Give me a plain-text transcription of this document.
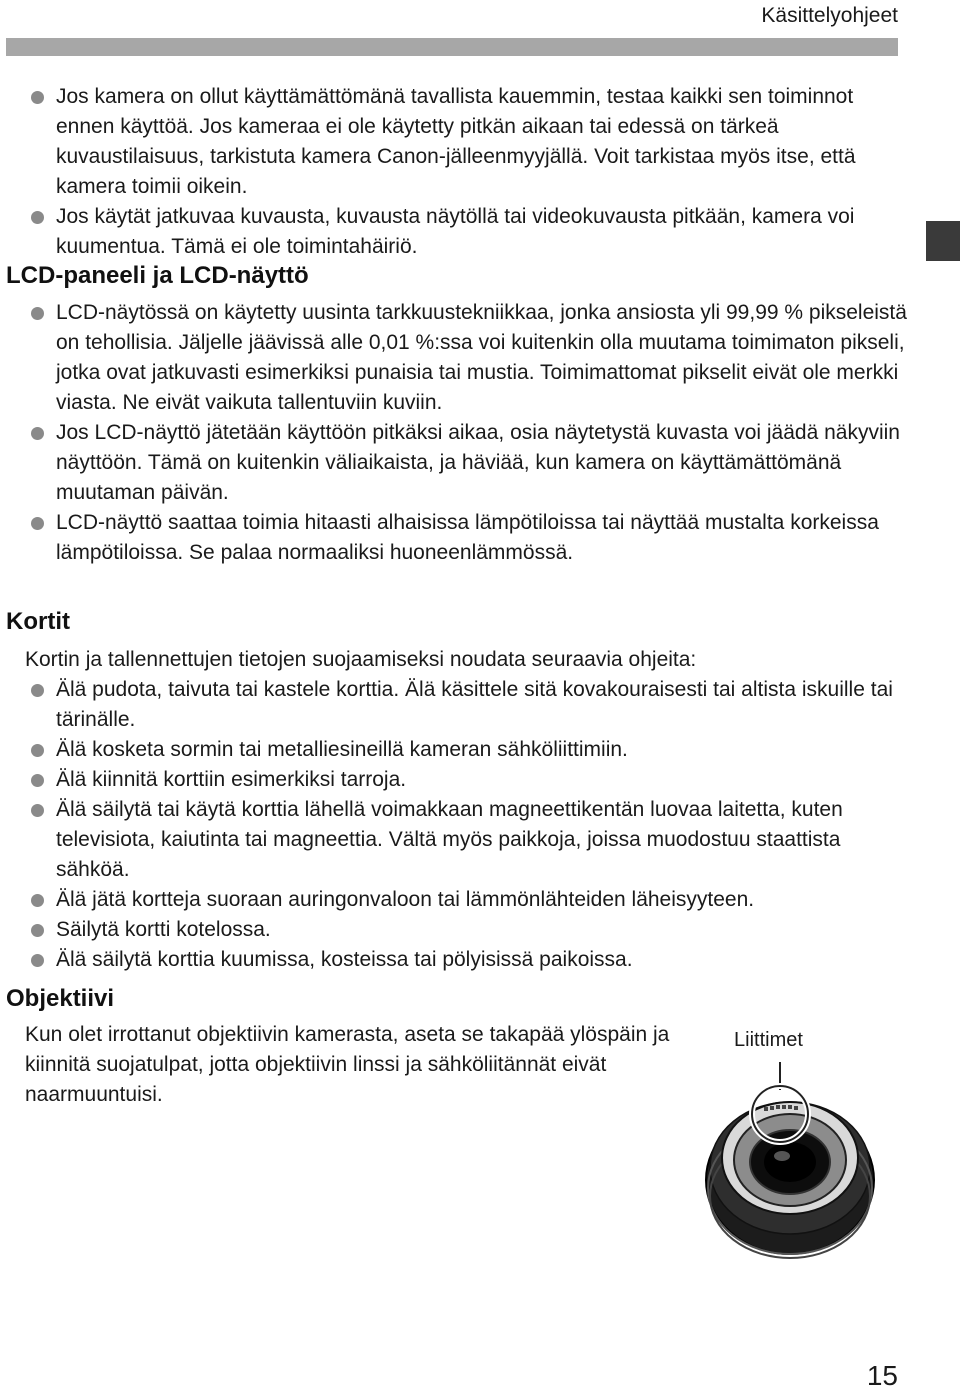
Käsittelyohjeet

Jos kamera on ollut käyttämättömänä tavallista kauemmin, testaa kaikki sen toiminnot ennen käyttöä. Jos kameraa ei ole käytetty pitkän aikaan tai edessä on tärkeä kuvaustilaisuus, tarkistuta kamera Canon-jälleenmyyjällä. Voit tarkistaa myös itse, että kamera toimii oikein.

Jos käytät jatkuvaa kuvausta, kuvausta näytöllä tai videokuvausta pitkään, kamera voi kuumentua. Tämä ei ole toimintahäiriö.

LCD-paneeli ja LCD-näyttö

LCD-näytössä on käytetty uusinta tarkkuustekniikkaa, jonka ansiosta yli 99,99 % pikseleistä on tehollisia. Jäljelle jäävissä alle 0,01 %:ssa voi kuitenkin olla muutama toimimaton pikseli, jotka ovat jatkuvasti esimerkiksi punaisia tai mustia. Toimimattomat pikselit eivät ole merkki viasta. Ne eivät vaikuta tallentuviin kuviin.

Jos LCD-näyttö jätetään käyttöön pitkäksi aikaa, osia näytetystä kuvasta voi jäädä näkyviin näyttöön. Tämä on kuitenkin väliaikaista, ja häviää, kun kamera on käyttämättömänä muutaman päivän.

LCD-näyttö saattaa toimia hitaasti alhaisissa lämpötiloissa tai näyttää mustalta korkeissa lämpötiloissa. Se palaa normaaliksi huoneenlämmössä.

Kortit

Kortin ja tallennettujen tietojen suojaamiseksi noudata seuraavia ohjeita:

Älä pudota, taivuta tai kastele korttia. Älä käsittele sitä kovakouraisesti tai altista iskuille tai tärinälle.

Älä kosketa sormin tai metalliesineillä kameran sähköliittimiin.

Älä kiinnitä korttiin esimerkiksi tarroja.

Älä säilytä tai käytä korttia lähellä voimakkaan magneettikentän luovaa laitetta, kuten televisiota, kaiutinta tai magneettia. Vältä myös paikkoja, joissa muodostuu staattista sähköä.

Älä jätä kortteja suoraan auringonvaloon tai lämmönlähteiden läheisyyteen.

Säilytä kortti kotelossa.

Älä säilytä korttia kuumissa, kosteissa tai pölyisissä paikoissa.

Objektiivi

Kun olet irrottanut objektiivin kamerasta, aseta se takapää ylöspäin ja kiinnitä suojatulpat, jotta objektiivin linssi ja sähköliitännät eivät naarmuuntuisi.

Liittimet
15
